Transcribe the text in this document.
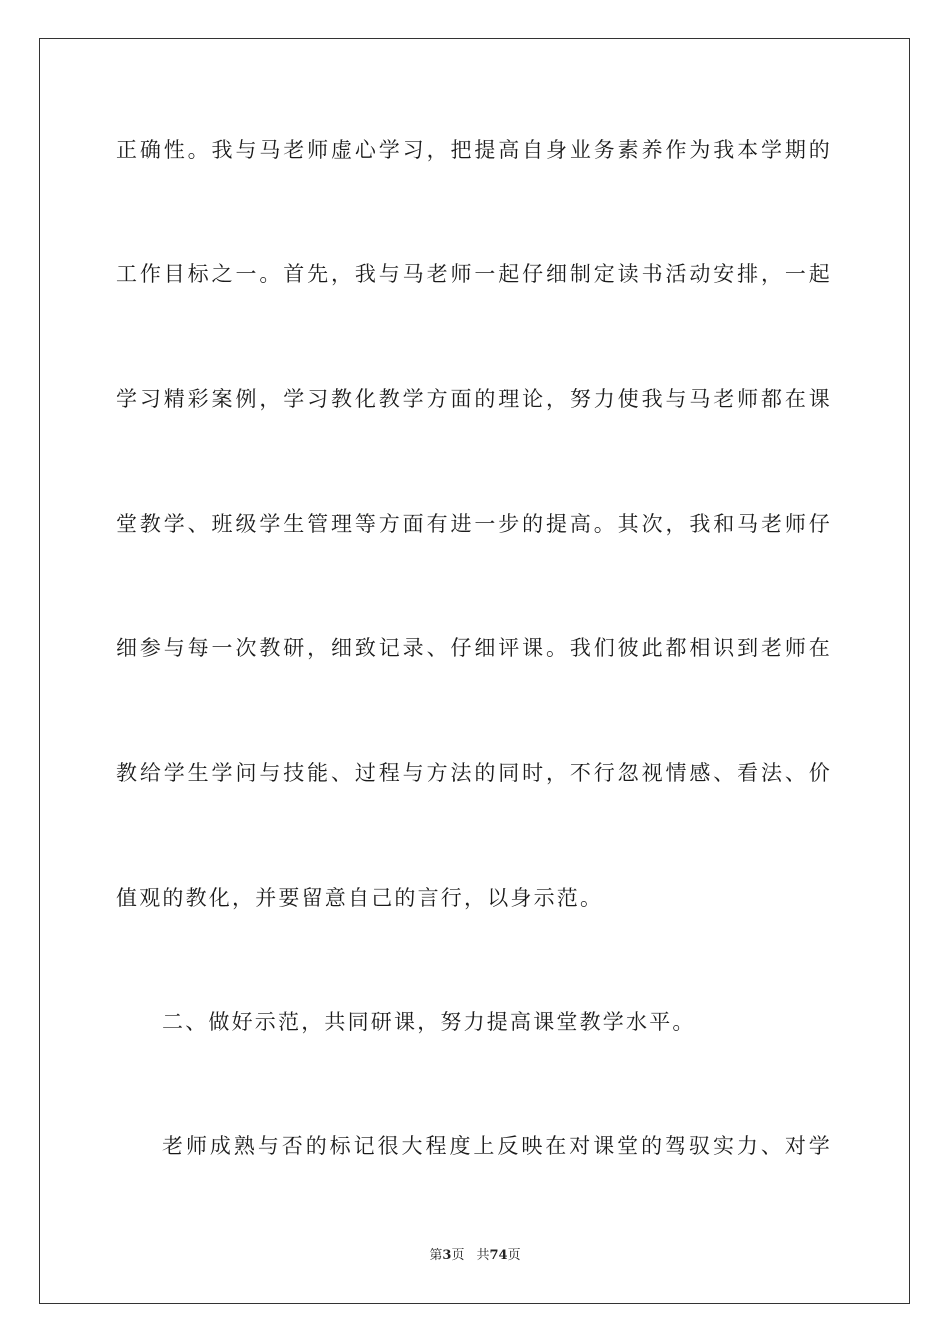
正确性。我与马老师虚心学习，把提高自身业务素养作为我本学期的
工作目标之一。首先，我与马老师一起仔细制定读书活动安排，一起
学习精彩案例，学习教化教学方面的理论，努力使我与马老师都在课
堂教学、班级学生管理等方面有进一步的提高。其次，我和马老师仔
细参与每一次教研，细致记录、仔细评课。我们彼此都相识到老师在
教给学生学问与技能、过程与方法的同时，不行忽视情感、看法、价
值观的教化，并要留意自己的言行，以身示范。
二、做好示范，共同研课，努力提高课堂教学水平。
老师成熟与否的标记很大程度上反映在对课堂的驾驭实力、对学
第3页 共74页
